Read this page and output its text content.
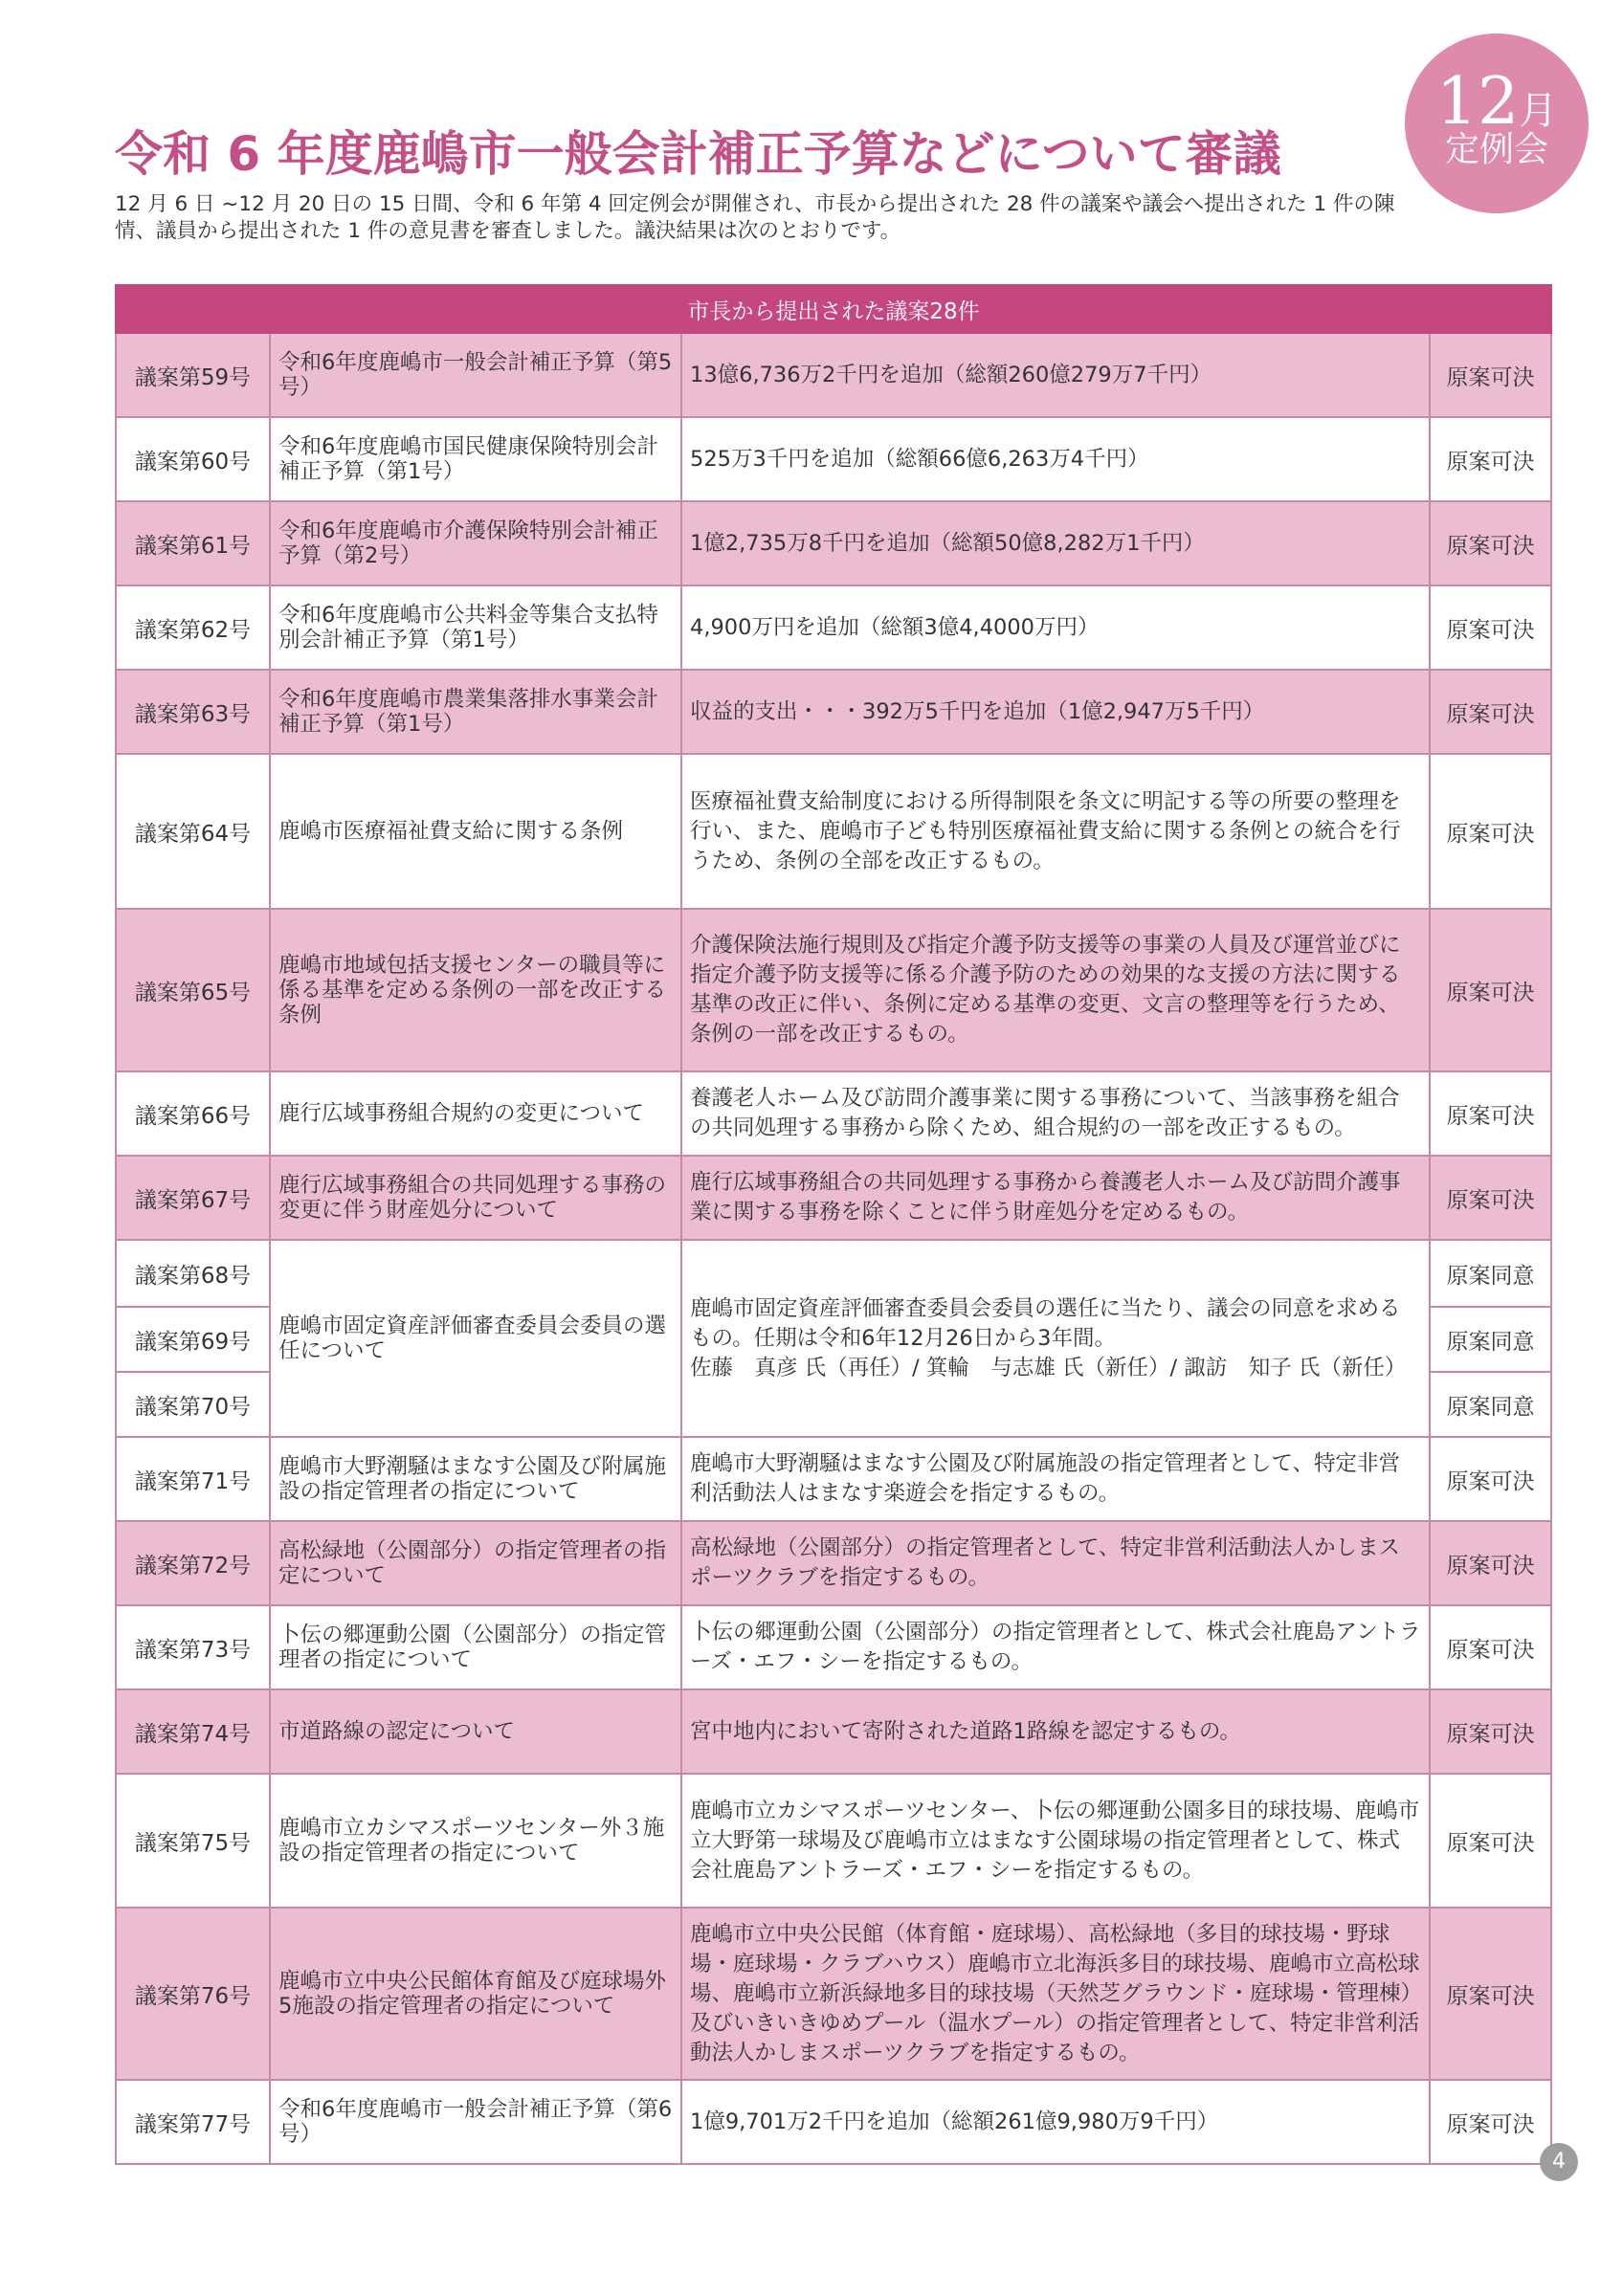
12月
定例会
令和 6 年度鹿嶋市一般会計補正予算などについて審議

12 月 6 日 ~12 月 20 日の 15 日間、令和 6 年第 4 回定例会が開催され、市長から提出された 28 件の議案や議会へ提出された 1 件の陳情、議員から提出された 1 件の意見書を審査しました。議決結果は次のとおりです。

市長から提出された議案28件			
議案第59号	令和6年度鹿嶋市一般会計補正予算（第5号）	13億6,736万2千円を追加（総額260億279万7千円）	原案可決
議案第60号	令和6年度鹿嶋市国民健康保険特別会計補正予算（第1号）	525万3千円を追加（総額66億6,263万4千円）	原案可決
議案第61号	令和6年度鹿嶋市介護保険特別会計補正予算（第2号）	1億2,735万8千円を追加（総額50億8,282万1千円）	原案可決
議案第62号	令和6年度鹿嶋市公共料金等集合支払特別会計補正予算（第1号）	4,900万円を追加（総額3億4,4000万円）	原案可決
議案第63号	令和6年度鹿嶋市農業集落排水事業会計補正予算（第1号）	収益的支出・・・392万5千円を追加（1億2,947万5千円）	原案可決
議案第64号	鹿嶋市医療福祉費支給に関する条例	医療福祉費支給制度における所得制限を条文に明記する等の所要の整理を行い、また、鹿嶋市子ども特別医療福祉費支給に関する条例との統合を行うため、条例の全部を改正するもの。	原案可決
議案第65号	鹿嶋市地域包括支援センターの職員等に係る基準を定める条例の一部を改正する条例	介護保険法施行規則及び指定介護予防支援等の事業の人員及び運営並びに指定介護予防支援等に係る介護予防のための効果的な支援の方法に関する基準の改正に伴い、条例に定める基準の変更、文言の整理等を行うため、条例の一部を改正するもの。	原案可決
議案第66号	鹿行広域事務組合規約の変更について	養護老人ホーム及び訪問介護事業に関する事務について、当該事務を組合の共同処理する事務から除くため、組合規約の一部を改正するもの。	原案可決
議案第67号	鹿行広域事務組合の共同処理する事務の変更に伴う財産処分について	鹿行広域事務組合の共同処理する事務から養護老人ホーム及び訪問介護事業に関する事務を除くことに伴う財産処分を定めるもの。	原案可決
議案第68号	鹿嶋市固定資産評価審査委員会委員の選任について	鹿嶋市固定資産評価審査委員会委員の選任に当たり、議会の同意を求めるもの。任期は令和6年12月26日から3年間。
佐藤　真彦 氏（再任）/ 箕輪　与志雄 氏（新任）/ 諏訪　知子 氏（新任）	原案同意
議案第69号			原案同意
議案第70号			原案同意
議案第71号	鹿嶋市大野潮騒はまなす公園及び附属施設の指定管理者の指定について	鹿嶋市大野潮騒はまなす公園及び附属施設の指定管理者として、特定非営利活動法人はまなす楽遊会を指定するもの。	原案可決
議案第72号	高松緑地（公園部分）の指定管理者の指定について	高松緑地（公園部分）の指定管理者として、特定非営利活動法人かしまスポーツクラブを指定するもの。	原案可決
議案第73号	卜伝の郷運動公園（公園部分）の指定管理者の指定について	卜伝の郷運動公園（公園部分）の指定管理者として、株式会社鹿島アントラーズ・エフ・シーを指定するもの。	原案可決
議案第74号	市道路線の認定について	宮中地内において寄附された道路1路線を認定するもの。	原案可決
議案第75号	鹿嶋市立カシマスポーツセンター外３施設の指定管理者の指定について	鹿嶋市立カシマスポーツセンター、卜伝の郷運動公園多目的球技場、鹿嶋市立大野第一球場及び鹿嶋市立はまなす公園球場の指定管理者として、株式会社鹿島アントラーズ・エフ・シーを指定するもの。	原案可決
議案第76号	鹿嶋市立中央公民館体育館及び庭球場外5施設の指定管理者の指定について	鹿嶋市立中央公民館（体育館・庭球場）、高松緑地（多目的球技場・野球場・庭球場・クラブハウス）鹿嶋市立北海浜多目的球技場、鹿嶋市立高松球場、鹿嶋市立新浜緑地多目的球技場（天然芝グラウンド・庭球場・管理棟）及びいきいきゆめプール（温水プール）の指定管理者として、特定非営利活動法人かしまスポーツクラブを指定するもの。	原案可決
議案第77号	令和6年度鹿嶋市一般会計補正予算（第6号）	1億9,701万2千円を追加（総額261億9,980万9千円）	原案可決
4
